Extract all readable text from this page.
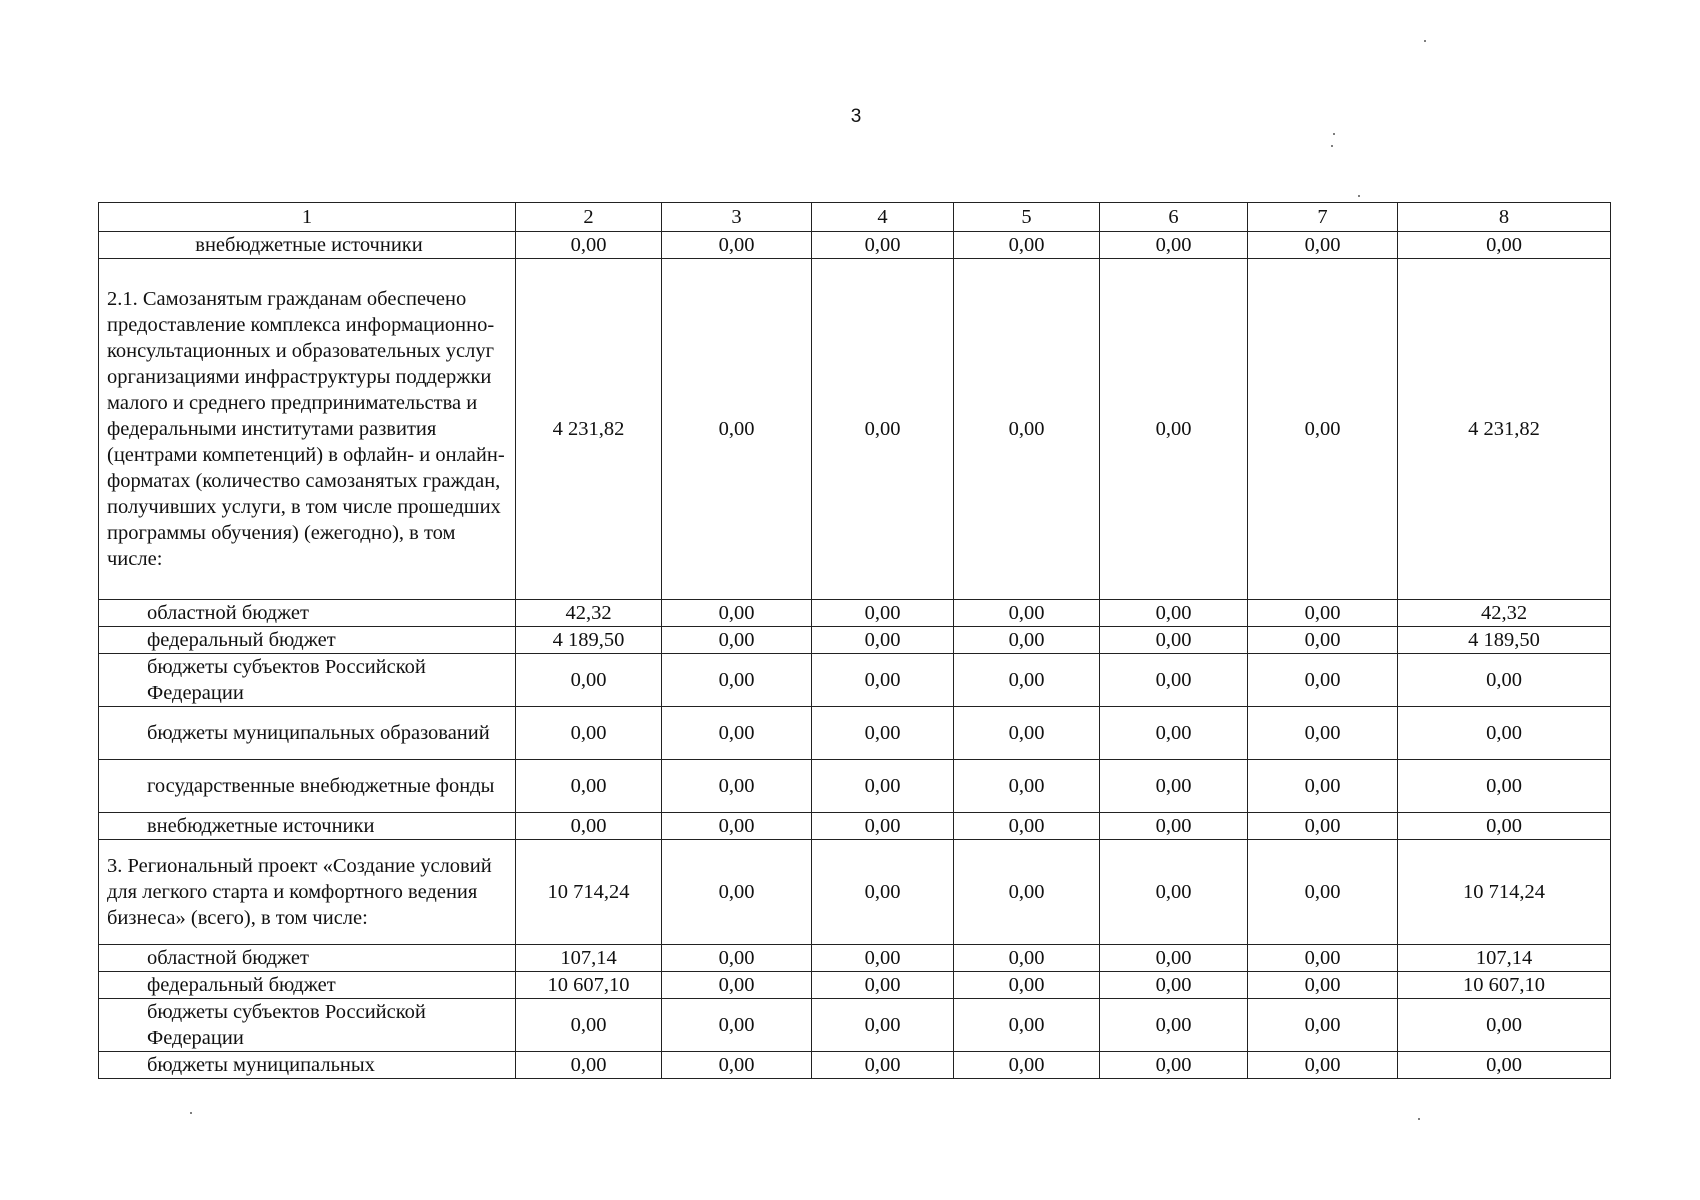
3
1	2	3	4	5	6	7	8
внебюджетные источники	0,00	0,00	0,00	0,00	0,00	0,00	0,00
2.1. Самозанятым гражданам обеспечено предоставление комплекса информационно-консультационных и образовательных услуг организациями инфраструктуры поддержки малого и среднего предпринимательства и федеральными институтами развития (центрами компетенций) в офлайн- и онлайн-форматах (количество самозанятых граждан, получивших услуги, в том числе прошедших программы обучения) (ежегодно), в том числе:	4 231,82	0,00	0,00	0,00	0,00	0,00	4 231,82
областной бюджет	42,32	0,00	0,00	0,00	0,00	0,00	42,32
федеральный бюджет	4 189,50	0,00	0,00	0,00	0,00	0,00	4 189,50
бюджеты субъектов Российской Федерации	0,00	0,00	0,00	0,00	0,00	0,00	0,00
бюджеты муниципальных образований	0,00	0,00	0,00	0,00	0,00	0,00	0,00
государственные внебюджетные фонды	0,00	0,00	0,00	0,00	0,00	0,00	0,00
внебюджетные источники	0,00	0,00	0,00	0,00	0,00	0,00	0,00
3. Региональный проект «Создание условий для легкого старта и комфортного ведения бизнеса» (всего), в том числе:	10 714,24	0,00	0,00	0,00	0,00	0,00	10 714,24
областной бюджет	107,14	0,00	0,00	0,00	0,00	0,00	107,14
федеральный бюджет	10 607,10	0,00	0,00	0,00	0,00	0,00	10 607,10
бюджеты субъектов Российской Федерации	0,00	0,00	0,00	0,00	0,00	0,00	0,00
бюджеты муниципальных	0,00	0,00	0,00	0,00	0,00	0,00	0,00
